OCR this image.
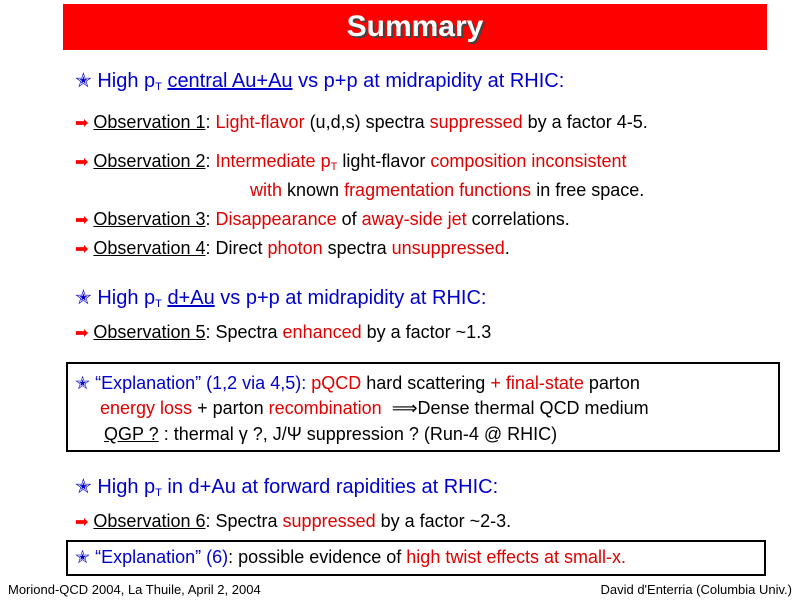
Summary
✭ High $p_T$ central Au+Au vs p+p at midrapidity at RHIC:
➡ Observation 1: Light-flavor (u,d,s) spectra suppressed by a factor 4-5.
➡ Observation 2: Intermediate $p_T$ light-flavor composition inconsistent
with known fragmentation functions in free space.
➡ Observation 3: Disappearance of away-side jet correlations.
➡ Observation 4: Direct photon spectra unsuppressed.
✭ High $p_T$ d+Au vs p+p at midrapidity at RHIC:
➡ Observation 5: Spectra enhanced by a factor ~1.3
✭ “Explanation” (1,2 via 4,5): pQCD hard scattering + final-state parton
energy loss + parton recombination ⟹Dense thermal QCD medium
QGP ? : thermal γ ?, J/Ψ suppression ? (Run-4 @ RHIC)
✭ High $p_T$ in d+Au at forward rapidities at RHIC:
➡ Observation 6: Spectra suppressed by a factor ~2-3.
✭ “Explanation” (6): possible evidence of high twist effects at small-x.
Moriond-QCD 2004, La Thuile, April 2, 2004	David d'Enterria (Columbia Univ.)
